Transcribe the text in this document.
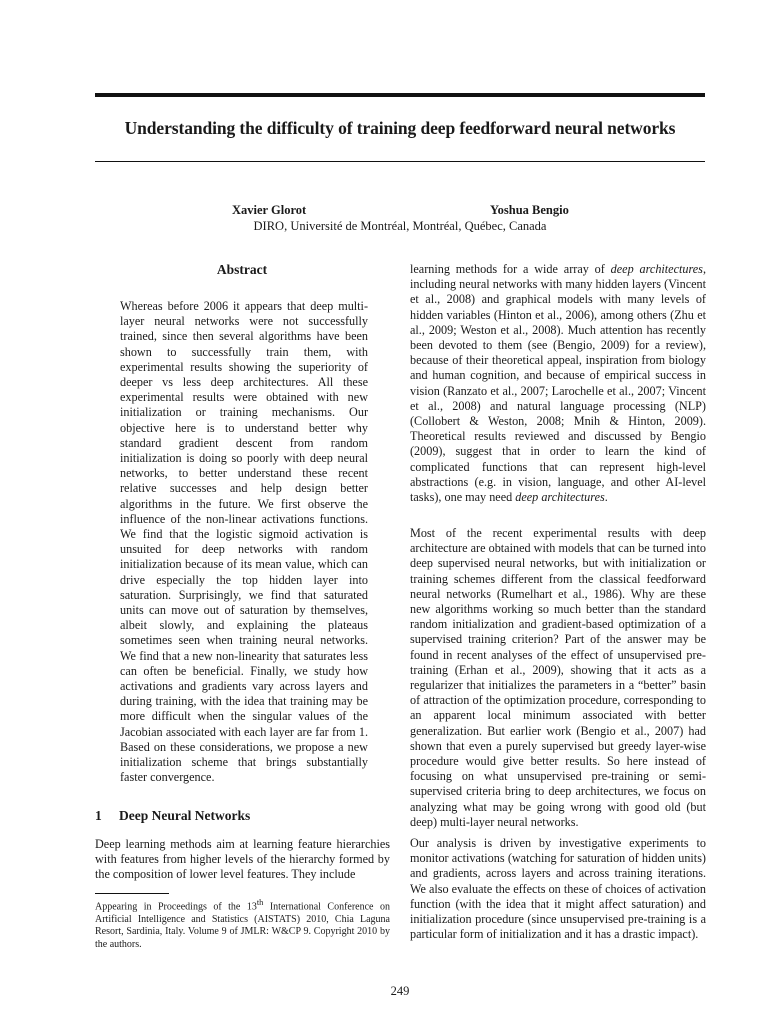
Understanding the difficulty of training deep feedforward neural networks
Xavier Glorot	Yoshua Bengio
DIRO, Université de Montréal, Montréal, Québec, Canada
Abstract
Whereas before 2006 it appears that deep multi-layer neural networks were not successfully trained, since then several algorithms have been shown to successfully train them, with experimental results showing the superiority of deeper vs less deep architectures. All these experimental results were obtained with new initialization or training mechanisms. Our objective here is to understand better why standard gradient descent from random initialization is doing so poorly with deep neural networks, to better understand these recent relative successes and help design better algorithms in the future. We first observe the influence of the non-linear activations functions. We find that the logistic sigmoid activation is unsuited for deep networks with random initialization because of its mean value, which can drive especially the top hidden layer into saturation. Surprisingly, we find that saturated units can move out of saturation by themselves, albeit slowly, and explaining the plateaus sometimes seen when training neural networks. We find that a new non-linearity that saturates less can often be beneficial. Finally, we study how activations and gradients vary across layers and during training, with the idea that training may be more difficult when the singular values of the Jacobian associated with each layer are far from 1. Based on these considerations, we propose a new initialization scheme that brings substantially faster convergence.
1 Deep Neural Networks
Deep learning methods aim at learning feature hierarchies with features from higher levels of the hierarchy formed by the composition of lower level features. They include
Appearing in Proceedings of the 13th International Conference on Artificial Intelligence and Statistics (AISTATS) 2010, Chia Laguna Resort, Sardinia, Italy. Volume 9 of JMLR: W&CP 9. Copyright 2010 by the authors.
learning methods for a wide array of deep architectures, including neural networks with many hidden layers (Vincent et al., 2008) and graphical models with many levels of hidden variables (Hinton et al., 2006), among others (Zhu et al., 2009; Weston et al., 2008). Much attention has recently been devoted to them (see (Bengio, 2009) for a review), because of their theoretical appeal, inspiration from biology and human cognition, and because of empirical success in vision (Ranzato et al., 2007; Larochelle et al., 2007; Vincent et al., 2008) and natural language processing (NLP) (Collobert & Weston, 2008; Mnih & Hinton, 2009). Theoretical results reviewed and discussed by Bengio (2009), suggest that in order to learn the kind of complicated functions that can represent high-level abstractions (e.g. in vision, language, and other AI-level tasks), one may need deep architectures.
Most of the recent experimental results with deep architecture are obtained with models that can be turned into deep supervised neural networks, but with initialization or training schemes different from the classical feedforward neural networks (Rumelhart et al., 1986). Why are these new algorithms working so much better than the standard random initialization and gradient-based optimization of a supervised training criterion? Part of the answer may be found in recent analyses of the effect of unsupervised pre-training (Erhan et al., 2009), showing that it acts as a regularizer that initializes the parameters in a “better” basin of attraction of the optimization procedure, corresponding to an apparent local minimum associated with better generalization. But earlier work (Bengio et al., 2007) had shown that even a purely supervised but greedy layer-wise procedure would give better results. So here instead of focusing on what unsupervised pre-training or semi-supervised criteria bring to deep architectures, we focus on analyzing what may be going wrong with good old (but deep) multi-layer neural networks.
Our analysis is driven by investigative experiments to monitor activations (watching for saturation of hidden units) and gradients, across layers and across training iterations. We also evaluate the effects on these of choices of activation function (with the idea that it might affect saturation) and initialization procedure (since unsupervised pre-training is a particular form of initialization and it has a drastic impact).
249
